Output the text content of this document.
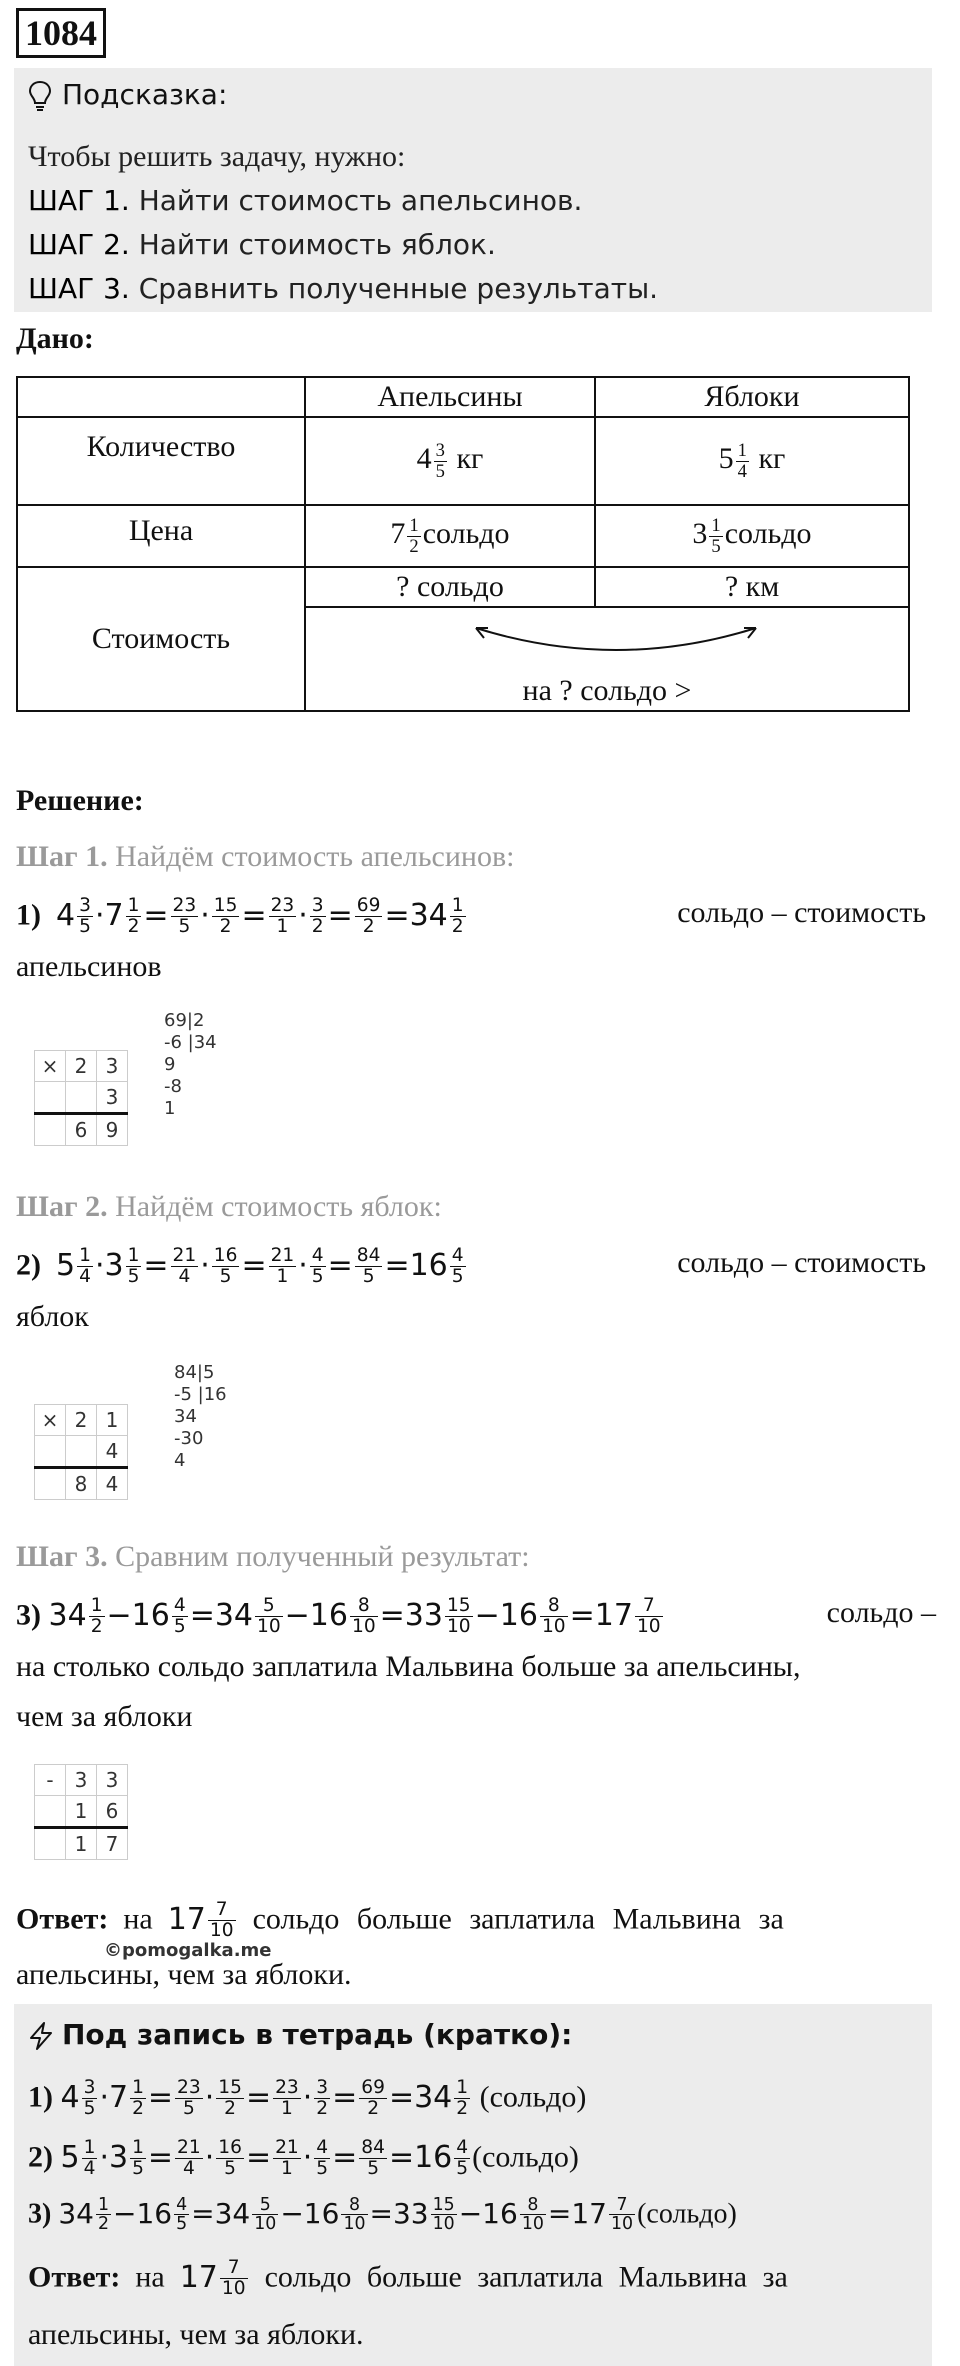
1084
Подсказка:
Чтобы решить задачу, нужно:
ШАГ 1. Найти стоимость апельсинов.
ШАГ 2. Найти стоимость яблок.
ШАГ 3. Сравнить полученные результаты.
Дано:
	Апельсины	Яблоки
Количество	$4 \frac{3}{5}$ кг	$5 \frac{1}{4}$ кг
Цена	$7 \frac{1}{2}$ сольдо	$3 \frac{1}{5}$ сольдо
Стоимость	? сольдо	? км

на ? сольдо >	
Решение:
Шаг 1. Найдём стоимость апельсинов:
1) $4 \frac{3}{5} \cdot 7 \frac{1}{2} = \frac{23}{5} \cdot \frac{15}{2} = \frac{23}{1} \cdot \frac{3}{2} = \frac{69}{2} =34 \frac{1}{2}$	сольдо – стоимость
апельсинов
×	2	3
		3
	6	9
69|2
-6 |34
9
-8
1
Шаг 2. Найдём стоимость яблок:
2) $5 \frac{1}{4} \cdot 3 \frac{1}{5} = \frac{21}{4} \cdot \frac{16}{5} = \frac{21}{1} \cdot \frac{4}{5} = \frac{84}{5} =16 \frac{4}{5}$	сольдо – стоимость
яблок
×	2	1
		4
	8	4
84|5
-5 |16
34
-30
4
Шаг 3. Сравним полученный результат:
3) $34 \frac{1}{2} -16 \frac{4}{5} =34 \frac{5}{10} -16 \frac{8}{10} =33 \frac{15}{10} -16 \frac{8}{10} =17 \frac{7}{10}$	сольдо –
на столько сольдо заплатила Мальвина больше за апельсины,
чем за яблоки
-	3	3
	1	6
	1	7
Ответ: на $17 \frac{7}{10}$ сольдо больше заплатила Мальвина за
апельсины, чем за яблоки.
©pomogalka.me
Под запись в тетрадь (кратко):
1) $4 \frac{3}{5} \cdot 7 \frac{1}{2} = \frac{23}{5} \cdot \frac{15}{2} = \frac{23}{1} \cdot \frac{3}{2} = \frac{69}{2} =34 \frac{1}{2}$ (сольдо)
2) $5 \frac{1}{4} \cdot 3 \frac{1}{5} = \frac{21}{4} \cdot \frac{16}{5} = \frac{21}{1} \cdot \frac{4}{5} = \frac{84}{5} =16 \frac{4}{5}$ (сольдо)
3) $34 \frac{1}{2} -16 \frac{4}{5} =34 \frac{5}{10} -16 \frac{8}{10} =33 \frac{15}{10} -16 \frac{8}{10} =17 \frac{7}{10}$ (сольдо)
Ответ: на $17 \frac{7}{10}$ сольдо больше заплатила Мальвина за
апельсины, чем за яблоки.
